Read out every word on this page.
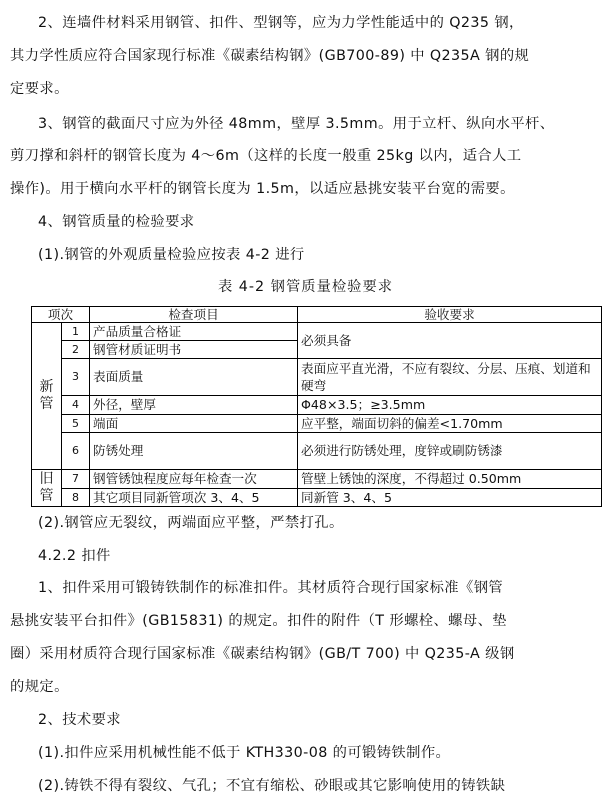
2、连墙件材料采用钢管、扣件、型钢等，应为力学性能适中的 Q235 钢，
其力学性质应符合国家现行标准《碳素结构钢》(GB700-89) 中 Q235A 钢的规
定要求。
3、钢管的截面尺寸应为外径 48mm，壁厚 3.5mm。用于立杆、纵向水平杆、
剪刀撑和斜杆的钢管长度为 4～6m（这样的长度一般重 25kg 以内，适合人工
操作)。用于横向水平杆的钢管长度为 1.5m，以适应悬挑安装平台宽的需要。
4、钢管质量的检验要求
(1).钢管的外观质量检验应按表 4-2 进行
表 4-2 钢管质量检验要求
项次		检查项目	验收要求
新管	1	产品质量合格证	必须具备
	2	钢管材质证明书	
	3	表面质量	表面应平直光滑，不应有裂纹、分层、压痕、划道和硬弯
	4	外径，壁厚	Φ48×3.5；≥3.5mm
	5	端面	应平整，端面切斜的偏差<1.70mm
	6	防锈处理	必须进行防锈处理，度锌或刷防锈漆
旧管	7	钢管锈蚀程度应每年检查一次	管壁上锈蚀的深度，不得超过 0.50mm
	8	其它项目同新管项次 3、4、5	同新管 3、4、5
(2).钢管应无裂纹，两端面应平整，严禁打孔。
4.2.2 扣件
1、扣件采用可锻铸铁制作的标准扣件。其材质符合现行国家标准《钢管
悬挑安装平台扣件》(GB15831) 的规定。扣件的附件（T 形螺栓、螺母、垫
圈）采用材质符合现行国家标准《碳素结构钢》(GB/T 700) 中 Q235-A 级钢
的规定。
2、技术要求
(1).扣件应采用机械性能不低于 KTH330-08 的可锻铸铁制作。
(2).铸铁不得有裂纹、气孔；不宜有缩松、砂眼或其它影响使用的铸铁缺
